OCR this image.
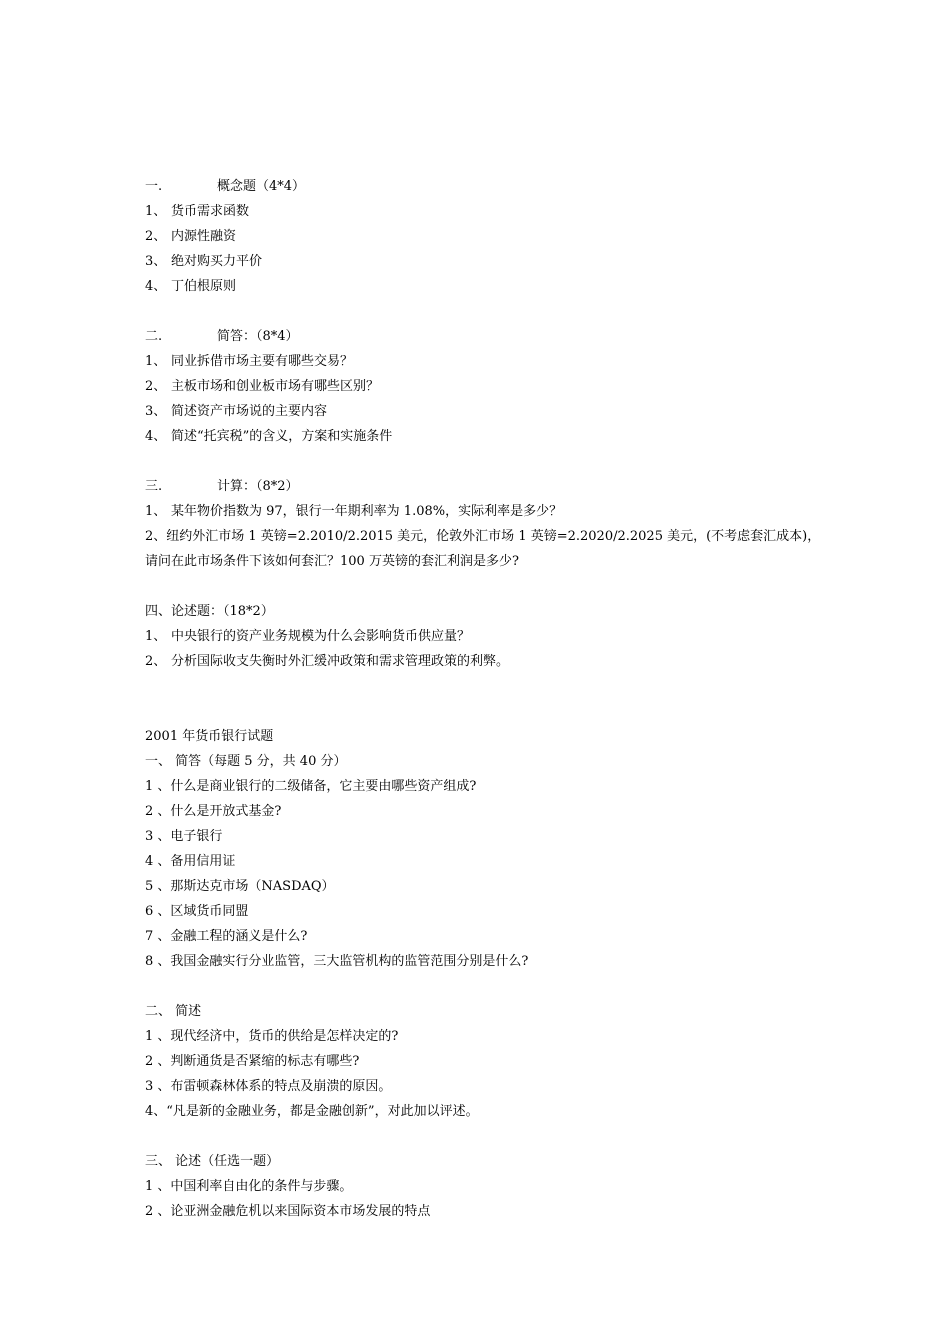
一.	概念题（4*4）
1、 货币需求函数
2、 内源性融资
3、 绝对购买力平价
4、 丁伯根原则
二.	简答：（8*4）
1、 同业拆借市场主要有哪些交易？
2、 主板市场和创业板市场有哪些区别？
3、 简述资产市场说的主要内容
4、 简述“托宾税”的含义，方案和实施条件
三.	计算：（8*2）
1、 某年物价指数为 97，银行一年期利率为 1.08%，实际利率是多少？
2、纽约外汇市场 1 英镑=2.2010/2.2015 美元，伦敦外汇市场 1 英镑=2.2020/2.2025 美元，(不考虑套汇成本)，
请问在此市场条件下该如何套汇？100 万英镑的套汇利润是多少?
四、论述题：（18*2）
1、 中央银行的资产业务规模为什么会影响货币供应量？
2、 分析国际收支失衡时外汇缓冲政策和需求管理政策的利弊。
2001 年货币银行试题
一、 简答（每题 5 分，共 40 分）
1 、什么是商业银行的二级储备，它主要由哪些资产组成?
2 、什么是开放式基金?
3 、电子银行
4 、备用信用证
5 、那斯达克市场（NASDAQ）
6 、区域货币同盟
7 、金融工程的涵义是什么?
8 、我国金融实行分业监管，三大监管机构的监管范围分别是什么?
二、 简述
1 、现代经济中，货币的供给是怎样决定的?
2 、判断通货是否紧缩的标志有哪些?
3 、布雷顿森林体系的特点及崩溃的原因。
4、“凡是新的金融业务，都是金融创新”，对此加以评述。
三、 论述（任选一题）
1 、中国利率自由化的条件与步骤。
2 、论亚洲金融危机以来国际资本市场发展的特点
